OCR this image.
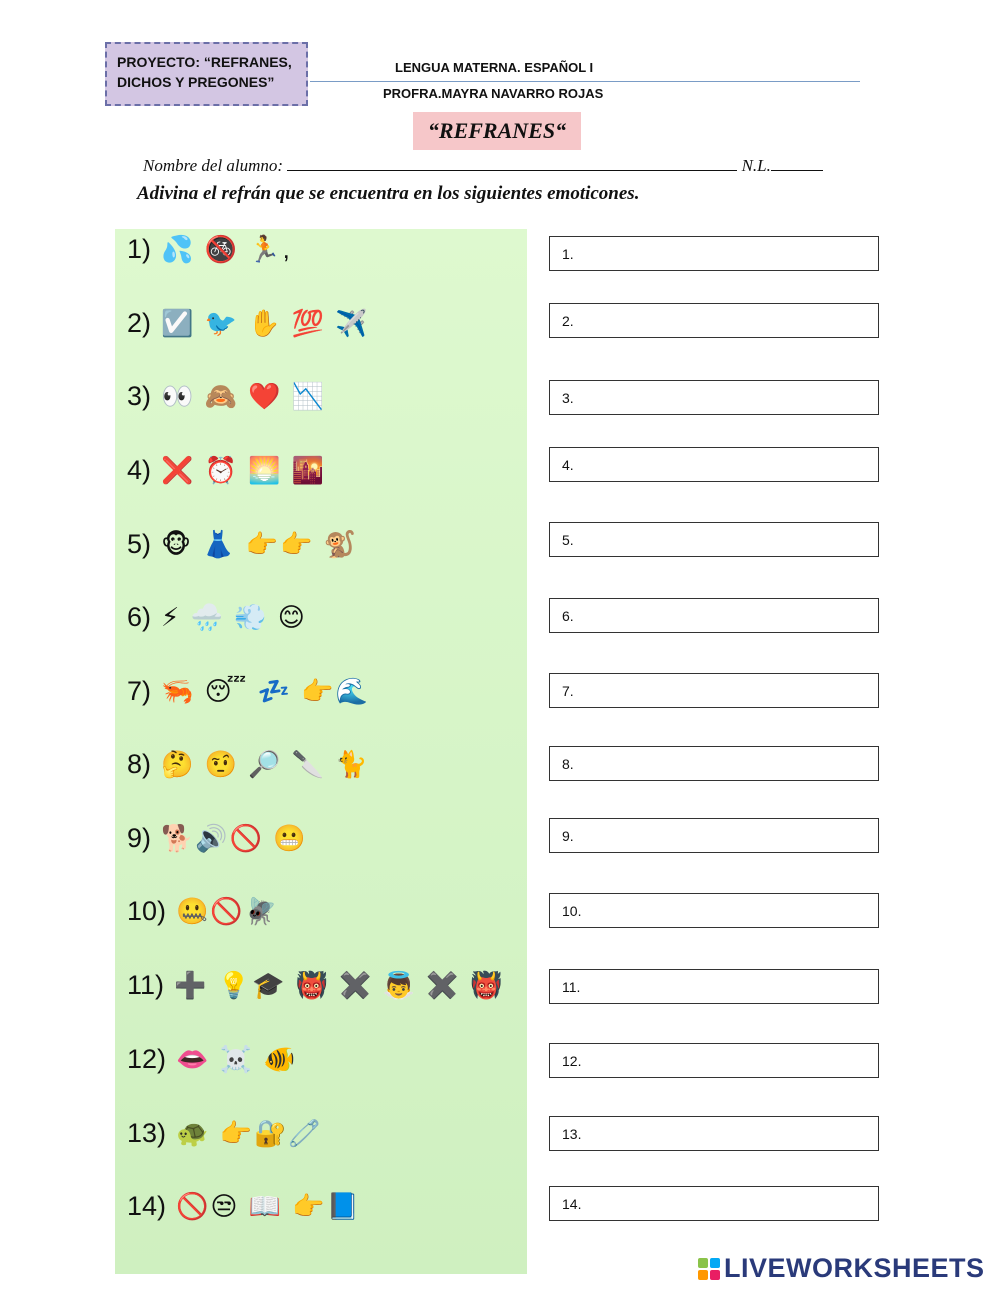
PROYECTO: “REFRANES, DICHOS Y PREGONES”
LENGUA MATERNA. ESPAÑOL I
PROFRA.MAYRA NAVARRO ROJAS
“REFRANES“
Nombre del alumno:	N.L.
Adivina el refrán que se encuentra en los siguientes emoticones.
1) 💦 🚳 🏃,
2) ☑️ 🐦 ✋ 💯 ✈️
3) 👀 🙈 ❤️ 📉
4) ❌ ⏰ 🌅 🌇
5) 🐵 👗 👉👉 🐒
6) ⚡ 🌧️ 💨 😊
7) 🦐 😴 💤 👉🌊
8) 🤔 🤨 🔎 🔪 🐈
9) 🐕🔊🚫 😬
10) 🤐🚫🪰
11) ➕ 💡🎓 👹 ✖️ 👼 ✖️ 👹
12) 👄 ☠️ 🐠
13) 🐢 👉🔐🧷
14) 🚫😒 📖 👉📘
1.
2.
3.
4.
5.
6.
7.
8.
9.
10.
11.
12.
13.
14.
LIVEWORKSHEETS
